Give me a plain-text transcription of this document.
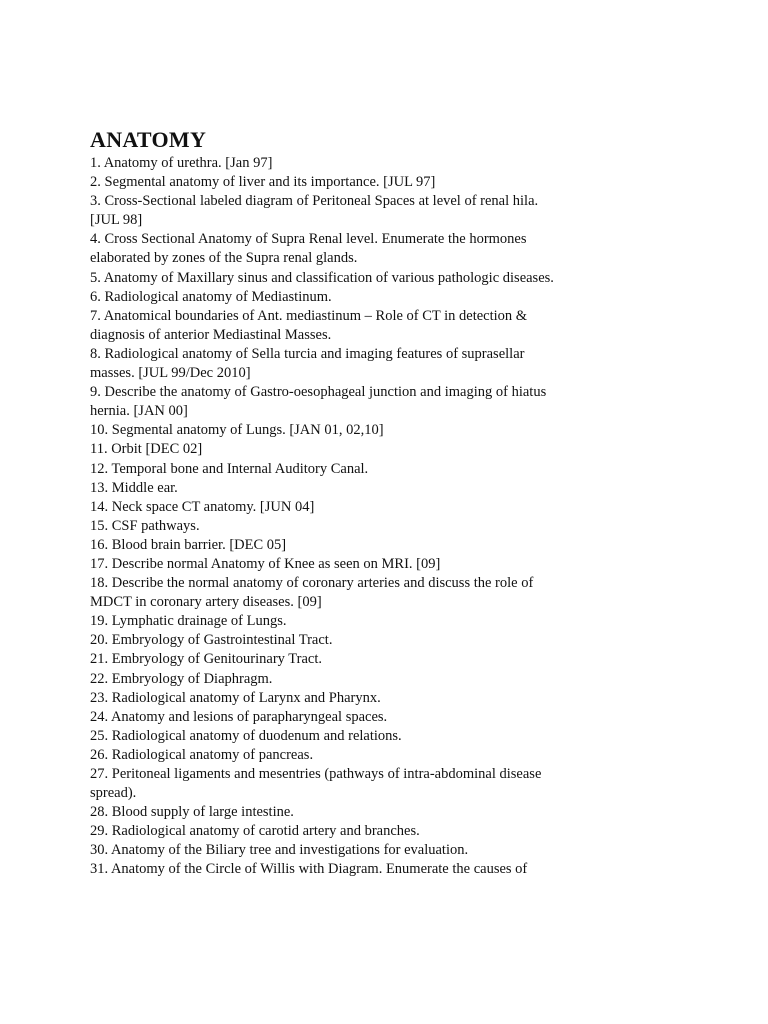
ANATOMY
1. Anatomy of urethra. [Jan 97]
2. Segmental anatomy of liver and its importance. [JUL 97]
3. Cross-Sectional labeled diagram of Peritoneal Spaces at level of renal hila.
[JUL 98]
4. Cross Sectional Anatomy of Supra Renal level. Enumerate the hormones
elaborated by zones of the Supra renal glands.
5. Anatomy of Maxillary sinus and classification of various pathologic diseases.
6. Radiological anatomy of Mediastinum.
7. Anatomical boundaries of Ant. mediastinum – Role of CT in detection &
diagnosis of anterior Mediastinal Masses.
8. Radiological anatomy of Sella turcia and imaging features of suprasellar
masses. [JUL 99/Dec 2010]
9. Describe the anatomy of Gastro-oesophageal junction and imaging of hiatus
hernia. [JAN 00]
10. Segmental anatomy of Lungs. [JAN 01, 02,10]
11. Orbit [DEC 02]
12. Temporal bone and Internal Auditory Canal.
13. Middle ear.
14. Neck space CT anatomy. [JUN 04]
15. CSF pathways.
16. Blood brain barrier. [DEC 05]
17. Describe normal Anatomy of Knee as seen on MRI. [09]
18. Describe the normal anatomy of coronary arteries and discuss the role of
MDCT in coronary artery diseases. [09]
19. Lymphatic drainage of Lungs.
20. Embryology of Gastrointestinal Tract.
21. Embryology of Genitourinary Tract.
22. Embryology of Diaphragm.
23. Radiological anatomy of Larynx and Pharynx.
24. Anatomy and lesions of parapharyngeal spaces.
25. Radiological anatomy of duodenum and relations.
26. Radiological anatomy of pancreas.
27. Peritoneal ligaments and mesentries (pathways of intra-abdominal disease
spread).
28. Blood supply of large intestine.
29. Radiological anatomy of carotid artery and branches.
30. Anatomy of the Biliary tree and investigations for evaluation.
31. Anatomy of the Circle of Willis with Diagram. Enumerate the causes of
